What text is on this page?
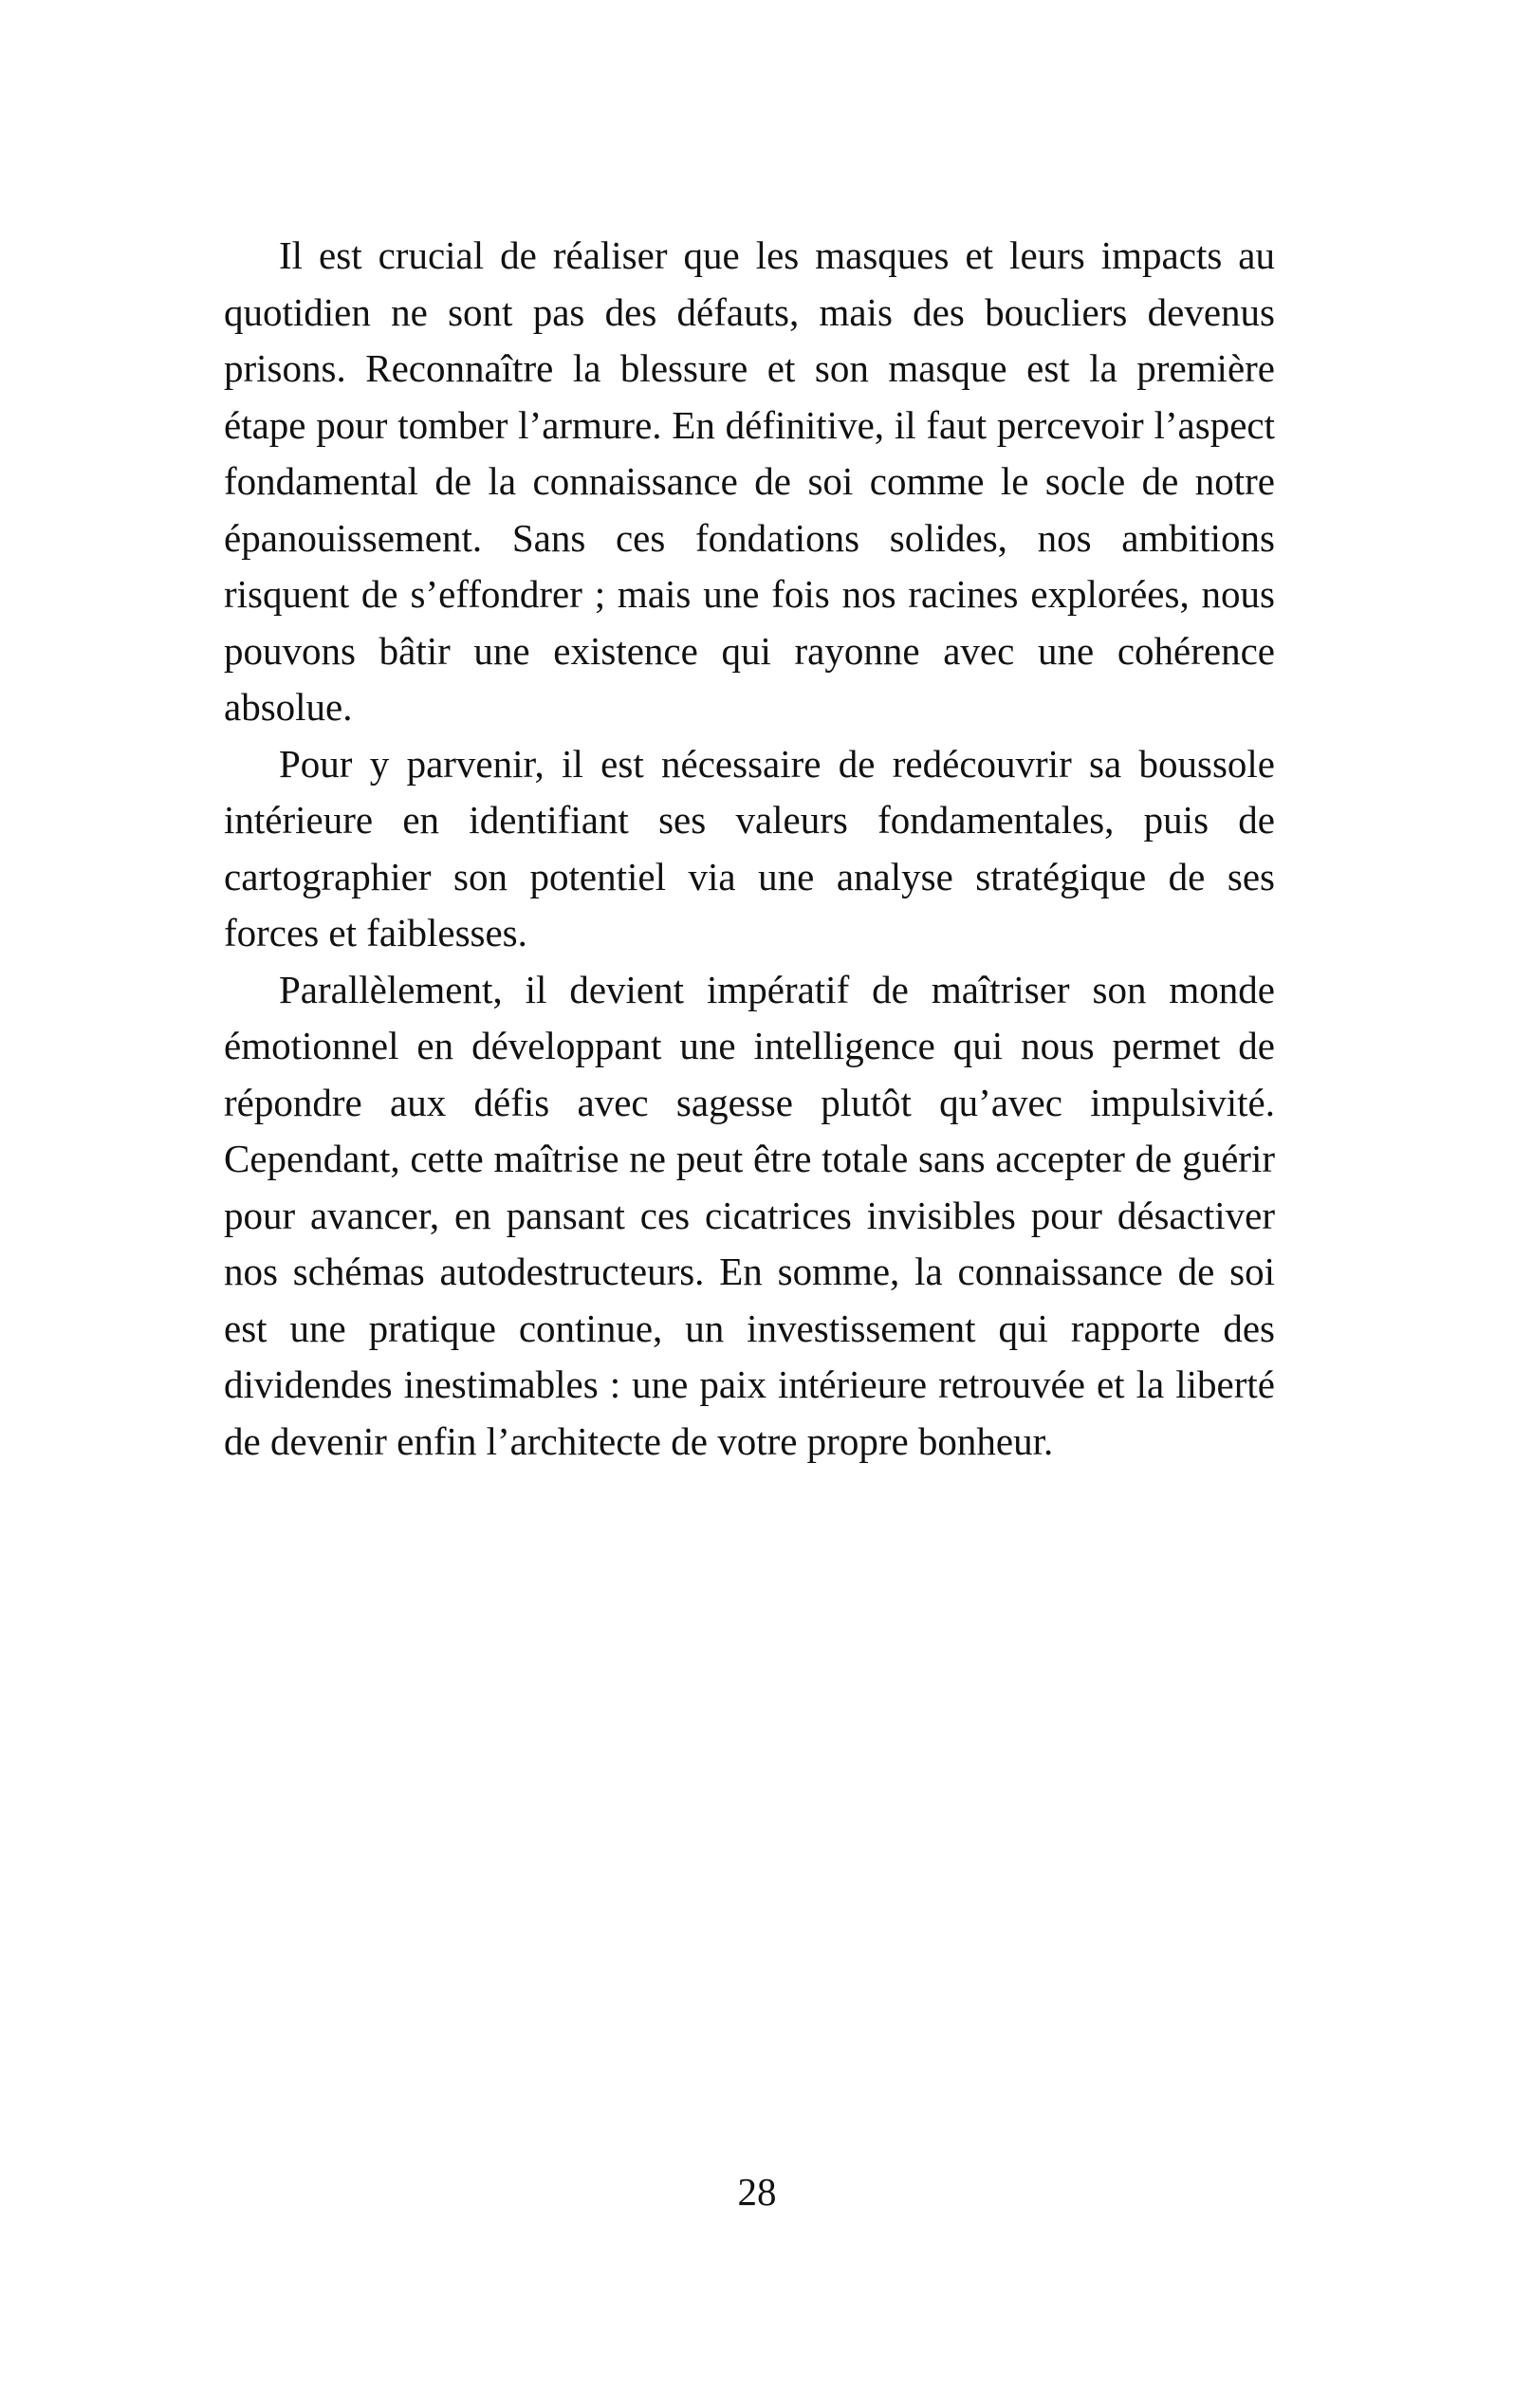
Il est crucial de réaliser que les masques et leurs impacts au quotidien ne sont pas des défauts, mais des boucliers devenus prisons. Reconnaître la blessure et son masque est la première étape pour tomber l’armure. En définitive, il faut percevoir l’aspect fondamental de la connaissance de soi comme le socle de notre épanouissement. Sans ces fondations solides, nos ambitions risquent de s’effondrer ; mais une fois nos racines explorées, nous pouvons bâtir une existence qui rayonne avec une cohérence absolue.

Pour y parvenir, il est nécessaire de redécouvrir sa boussole intérieure en identifiant ses valeurs fondamentales, puis de cartographier son potentiel via une analyse stratégique de ses forces et faiblesses.

Parallèlement, il devient impératif de maîtriser son monde émotionnel en développant une intelligence qui nous permet de répondre aux défis avec sagesse plutôt qu’avec impulsivité. Cependant, cette maîtrise ne peut être totale sans accepter de guérir pour avancer, en pansant ces cicatrices invisibles pour désactiver nos schémas autodestructeurs. En somme, la connaissance de soi est une pratique continue, un investissement qui rapporte des dividendes inestimables : une paix intérieure retrouvée et la liberté de devenir enfin l’architecte de votre propre bonheur.

28
